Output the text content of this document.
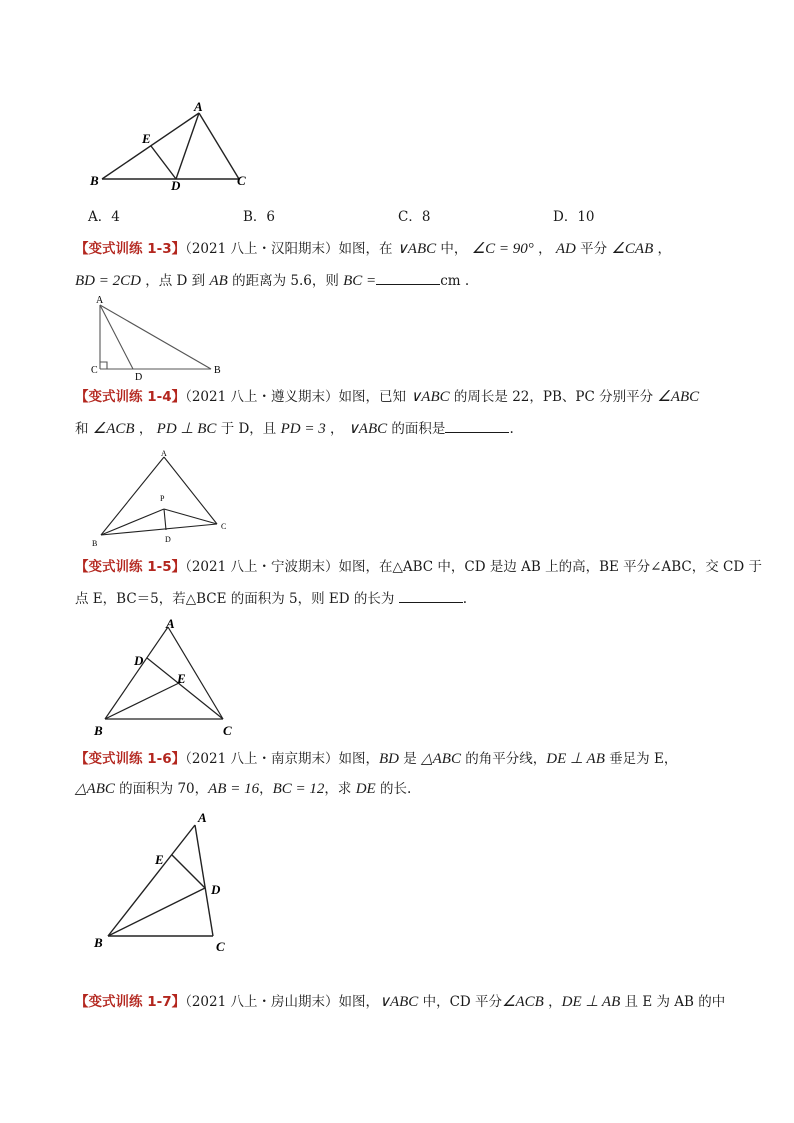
A
E
B	D	C
A．4	B．6	C．8	D．10
【变式训练 1-3】（2021 八上・汉阳期末）如图，在 ∨ABC 中， ∠C = 90° ， AD 平分 ∠CAB ，
BD = 2CD ，点 D 到 AB 的距离为 5.6，则 BC =	cm .
A
C
D
B
【变式训练 1-4】（2021 八上・遵义期末）如图，已知 ∨ABC 的周长是 22，PB、PC 分别平分 ∠ABC
和 ∠ACB ， PD ⊥ BC 于 D，且 PD = 3 ， ∨ABC 的面积是	.
A
P
B	D
C
【变式训练 1-5】（2021 八上・宁波期末）如图，在△ABC 中，CD 是边 AB 上的高，BE 平分∠ABC，交 CD 于
点 E，BC＝5，若△BCE 的面积为 5，则 ED 的长为	.
A
D
E
B	C
【变式训练 1-6】（2021 八上・南京期末）如图，BD 是 △ABC 的角平分线，DE ⊥ AB 垂足为 E，
△ABC 的面积为 70，AB = 16，BC = 12，求 DE 的长.
A
E
D
B	C
【变式训练 1-7】（2021 八上・房山期末）如图，∨ABC 中，CD 平分∠ACB ，DE ⊥ AB 且 E 为 AB 的中
